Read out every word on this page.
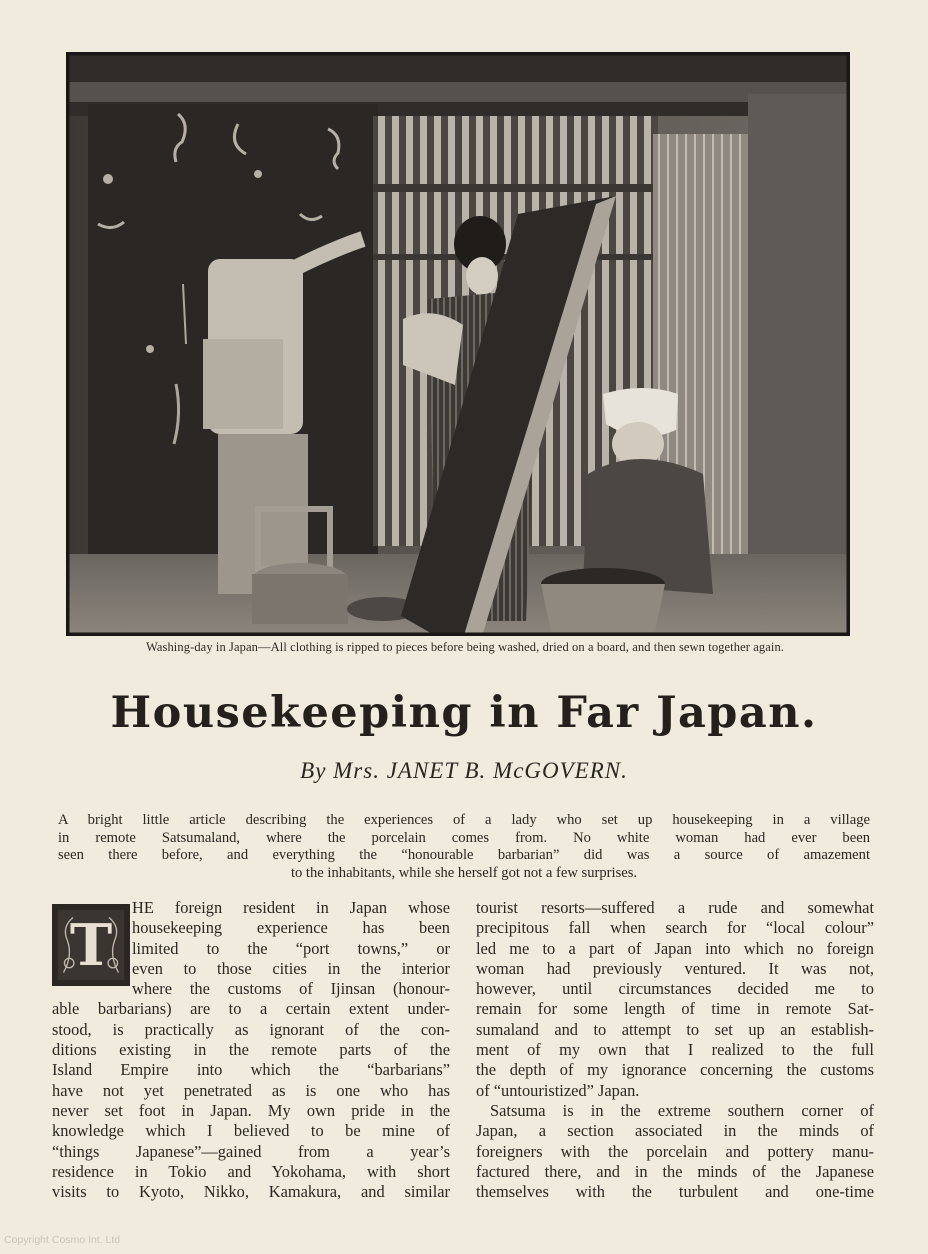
Washing-day in Japan—All clothing is ripped to pieces before being washed, dried on a board, and then sewn together again.
Housekeeping in Far Japan.
By Mrs. JANET B. McGOVERN.
A bright little article describing the experiences of a lady who set up housekeeping in a village
in remote Satsumaland, where the porcelain comes from. No white woman had ever been
seen there before, and everything the “honourable barbarian” did was a source of amazement
to the inhabitants, while she herself got not a few surprises.
T
HE foreign resident in Japan whose
housekeeping experience has been
limited to the “port towns,” or
even to those cities in the interior
where the customs of Ijinsan (honour-
able barbarians) are to a certain extent under-
stood, is practically as ignorant of the con-
ditions existing in the remote parts of the
Island Empire into which the “barbarians”
have not yet penetrated as is one who has
never set foot in Japan. My own pride in the
knowledge which I believed to be mine of
“things Japanese”—gained from a year’s
residence in Tokio and Yokohama, with short
visits to Kyoto, Nikko, Kamakura, and similar
tourist resorts—suffered a rude and somewhat
precipitous fall when search for “local colour”
led me to a part of Japan into which no foreign
woman had previously ventured. It was not,
however, until circumstances decided me to
remain for some length of time in remote Sat-
sumaland and to attempt to set up an establish-
ment of my own that I realized to the full
the depth of my ignorance concerning the customs
of “untouristized” Japan.
Satsuma is in the extreme southern corner of
Japan, a section associated in the minds of
foreigners with the porcelain and pottery manu-
factured there, and in the minds of the Japanese
themselves with the turbulent and one-time
Copyright Cosmo Int. Ltd
